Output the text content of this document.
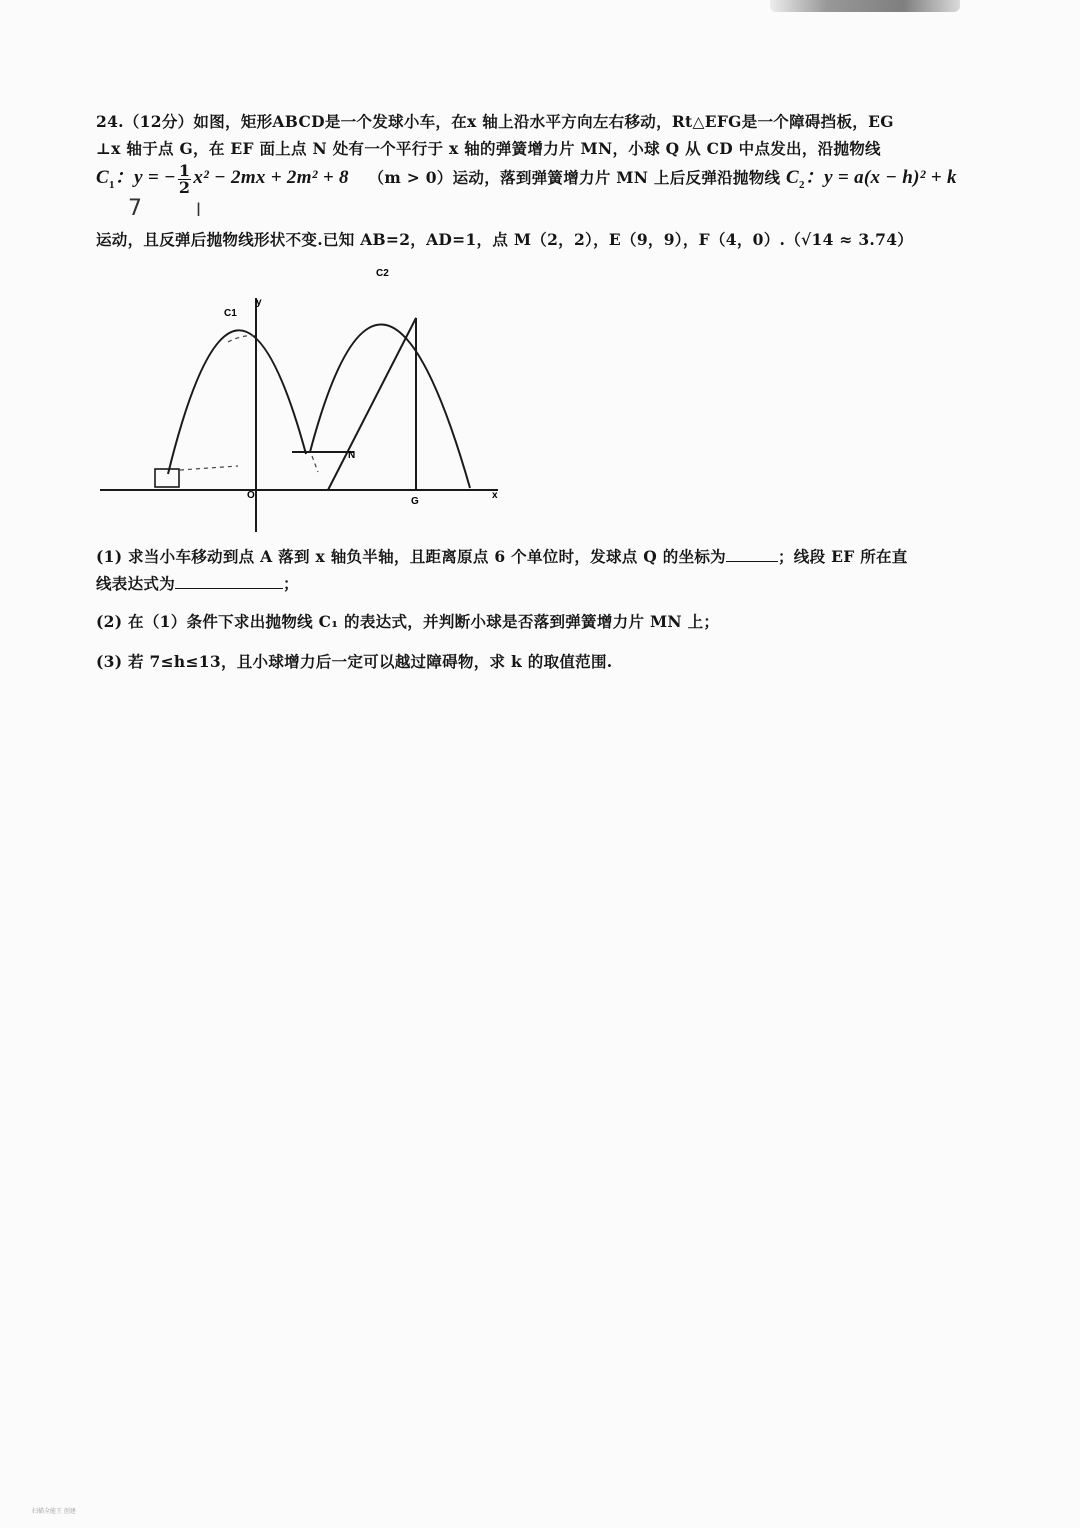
24.（12分）如图，矩形ABCD是一个发球小车，在x 轴上沿水平方向左右移动，Rt△EFG是一个障碍挡板，EG
⊥x 轴于点 G，在 EF 面上点 N 处有一个平行于 x 轴的弹簧增力片 MN，小球 Q 从 CD 中点发出，沿抛物线
$C_1$：y = − $\frac{1}{2} x^2 - 2mx + 2m^2 + 8$ （m > 0）运动，落到弹簧增力片 MN 上后反弹沿抛物线 $C_2$：y = a(x − h)² + k
7	l
运动，且反弹后抛物线形状不变.已知 AB=2，AD=1，点 M（2，2），E（9，9），F（4，0）.（√14 ≈ 3.74）
C1
C2
y
x
O
G
N
(1) 求当小车移动到点 A 落到 x 轴负半轴，且距离原点 6 个单位时，发球点 Q 的坐标为	；线段 EF 所在直
线表达式为	；
(2) 在（1）条件下求出抛物线 C₁ 的表达式，并判断小球是否落到弹簧增力片 MN 上；
(3) 若 7≤h≤13，且小球增力后一定可以越过障碍物，求 k 的取值范围.
扫描全能王 创建
